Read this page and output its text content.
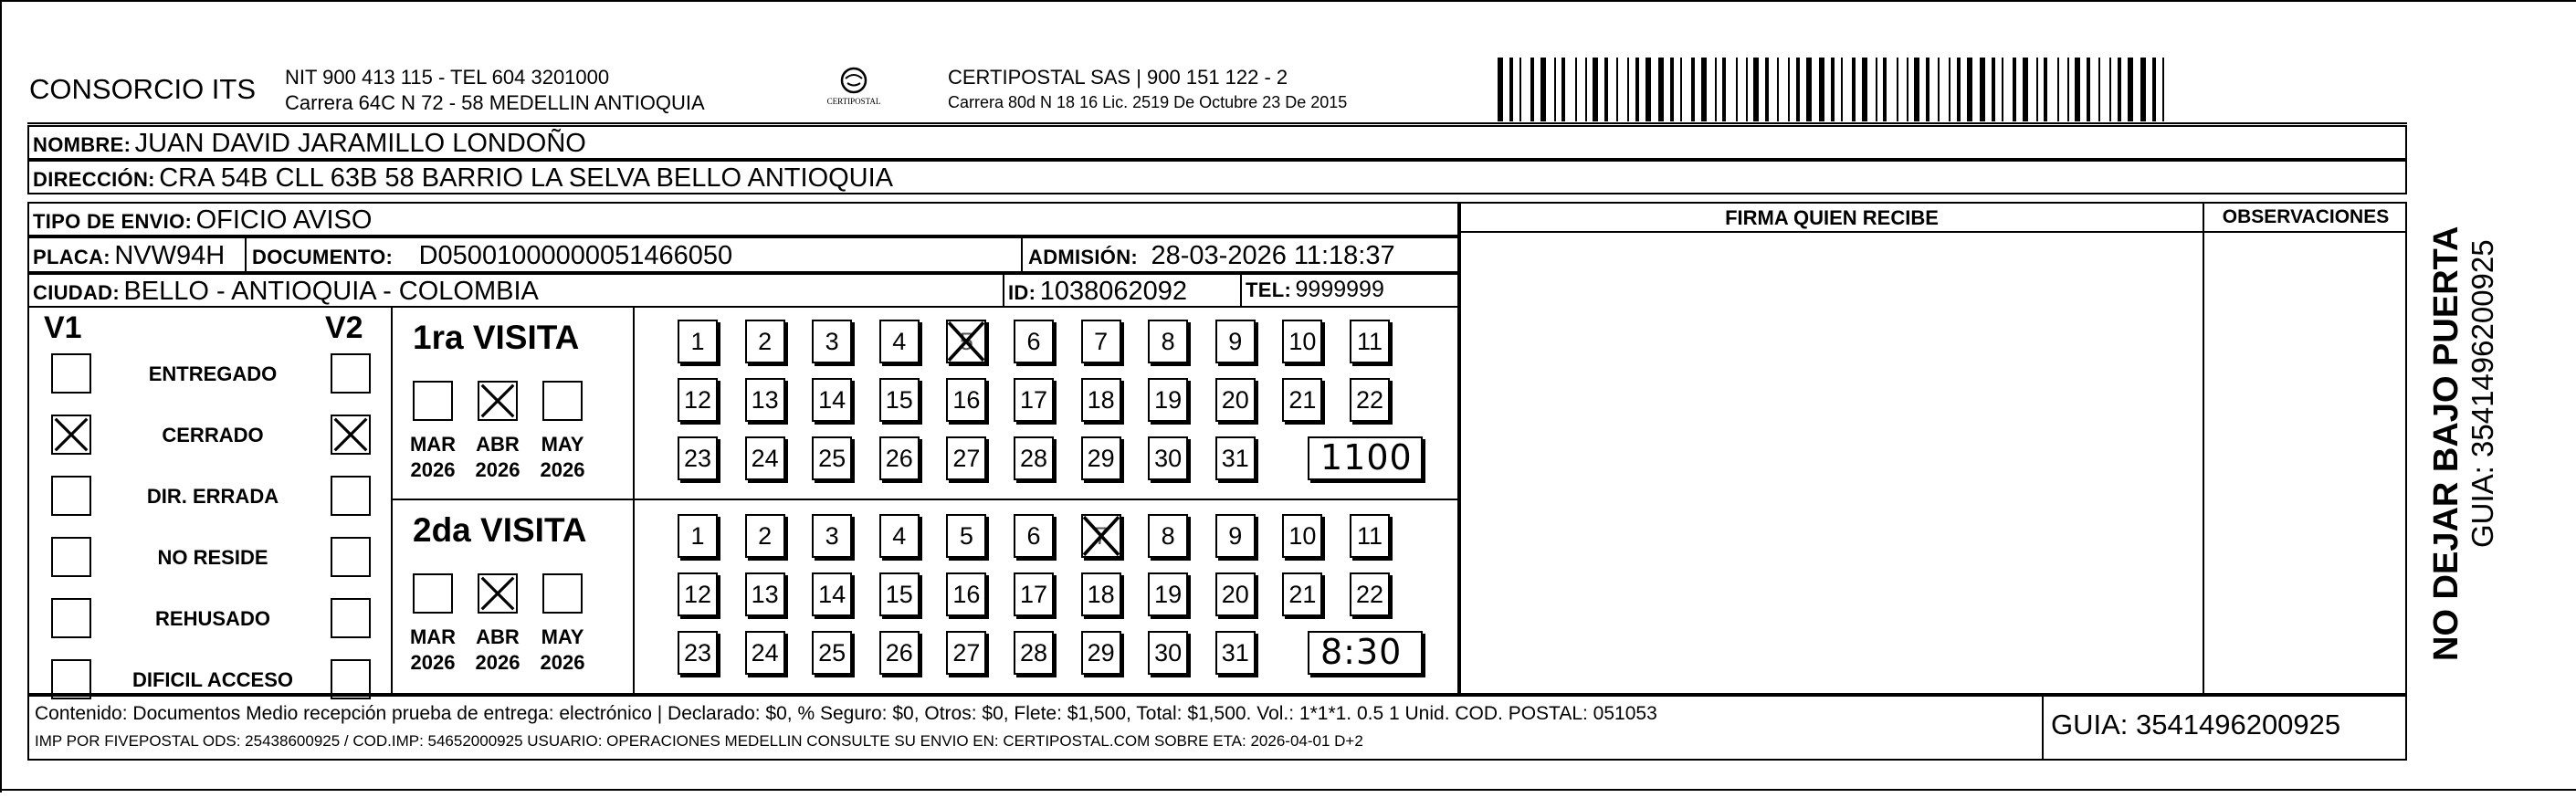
CONSORCIO ITS NIT 900 413 115 - TEL 604 3201000
Carrera 64C N 72 - 58 MEDELLIN ANTIOQUIA	CERTIPOSTAL
CERTIPOSTAL SAS | 900 151 122 - 2
Carrera 80d N 18 16 Lic. 2519 De Octubre 23 De 2015
NOMBRE: JUAN DAVID JARAMILLO LONDOÑO
DIRECCIÓN: CRA 54B CLL 63B 58 BARRIO LA SELVA BELLO ANTIOQUIA
TIPO DE ENVIO: OFICIO AVISO
PLACA: NVW94H DOCUMENTO: D05001000000051466050	ADMISIÓN: 28-03-2026 11:18:37
CIUDAD: BELLO - ANTIOQUIA - COLOMBIA	ID: 1038062092	TEL: 9999999
FIRMA QUIEN RECIBE	OBSERVACIONES
V1	V2
ENTREGADO
CERRADO
DIR. ERRADA
NO RESIDE
REHUSADO
DIFICIL ACCESO
1ra VISITA
MAR
2026
ABR
2026
MAY
2026
1	2	3	4	5	6	7	8	9	10 11
12 13 14 15 16 17 18 19 20 21 22
23 24 25 26 27 28 29 30 31 1100
2da VISITA
MAR
2026
ABR
2026
MAY
2026
1	2	3	4	5	6	7	8	9	10 11
12 13 14 15 16 17 18 19 20 21 22
23 24 25 26 27 28 29 30 31 8:30
Contenido: Documentos Medio recepción prueba de entrega: electrónico | Declarado: $0, % Seguro: $0, Otros: $0, Flete: $1,500, Total: $1,500. Vol.: 1*1*1. 0.5 1 Unid. COD. POSTAL: 051053
IMP POR FIVEPOSTAL ODS: 25438600925 / COD.IMP: 54652000925 USUARIO: OPERACIONES MEDELLIN CONSULTE SU ENVIO EN: CERTIPOSTAL.COM SOBRE ETA: 2026-04-01 D+2
GUIA: 3541496200925
NO DEJAR BAJO PUERTA GUIA: 3541496200925
